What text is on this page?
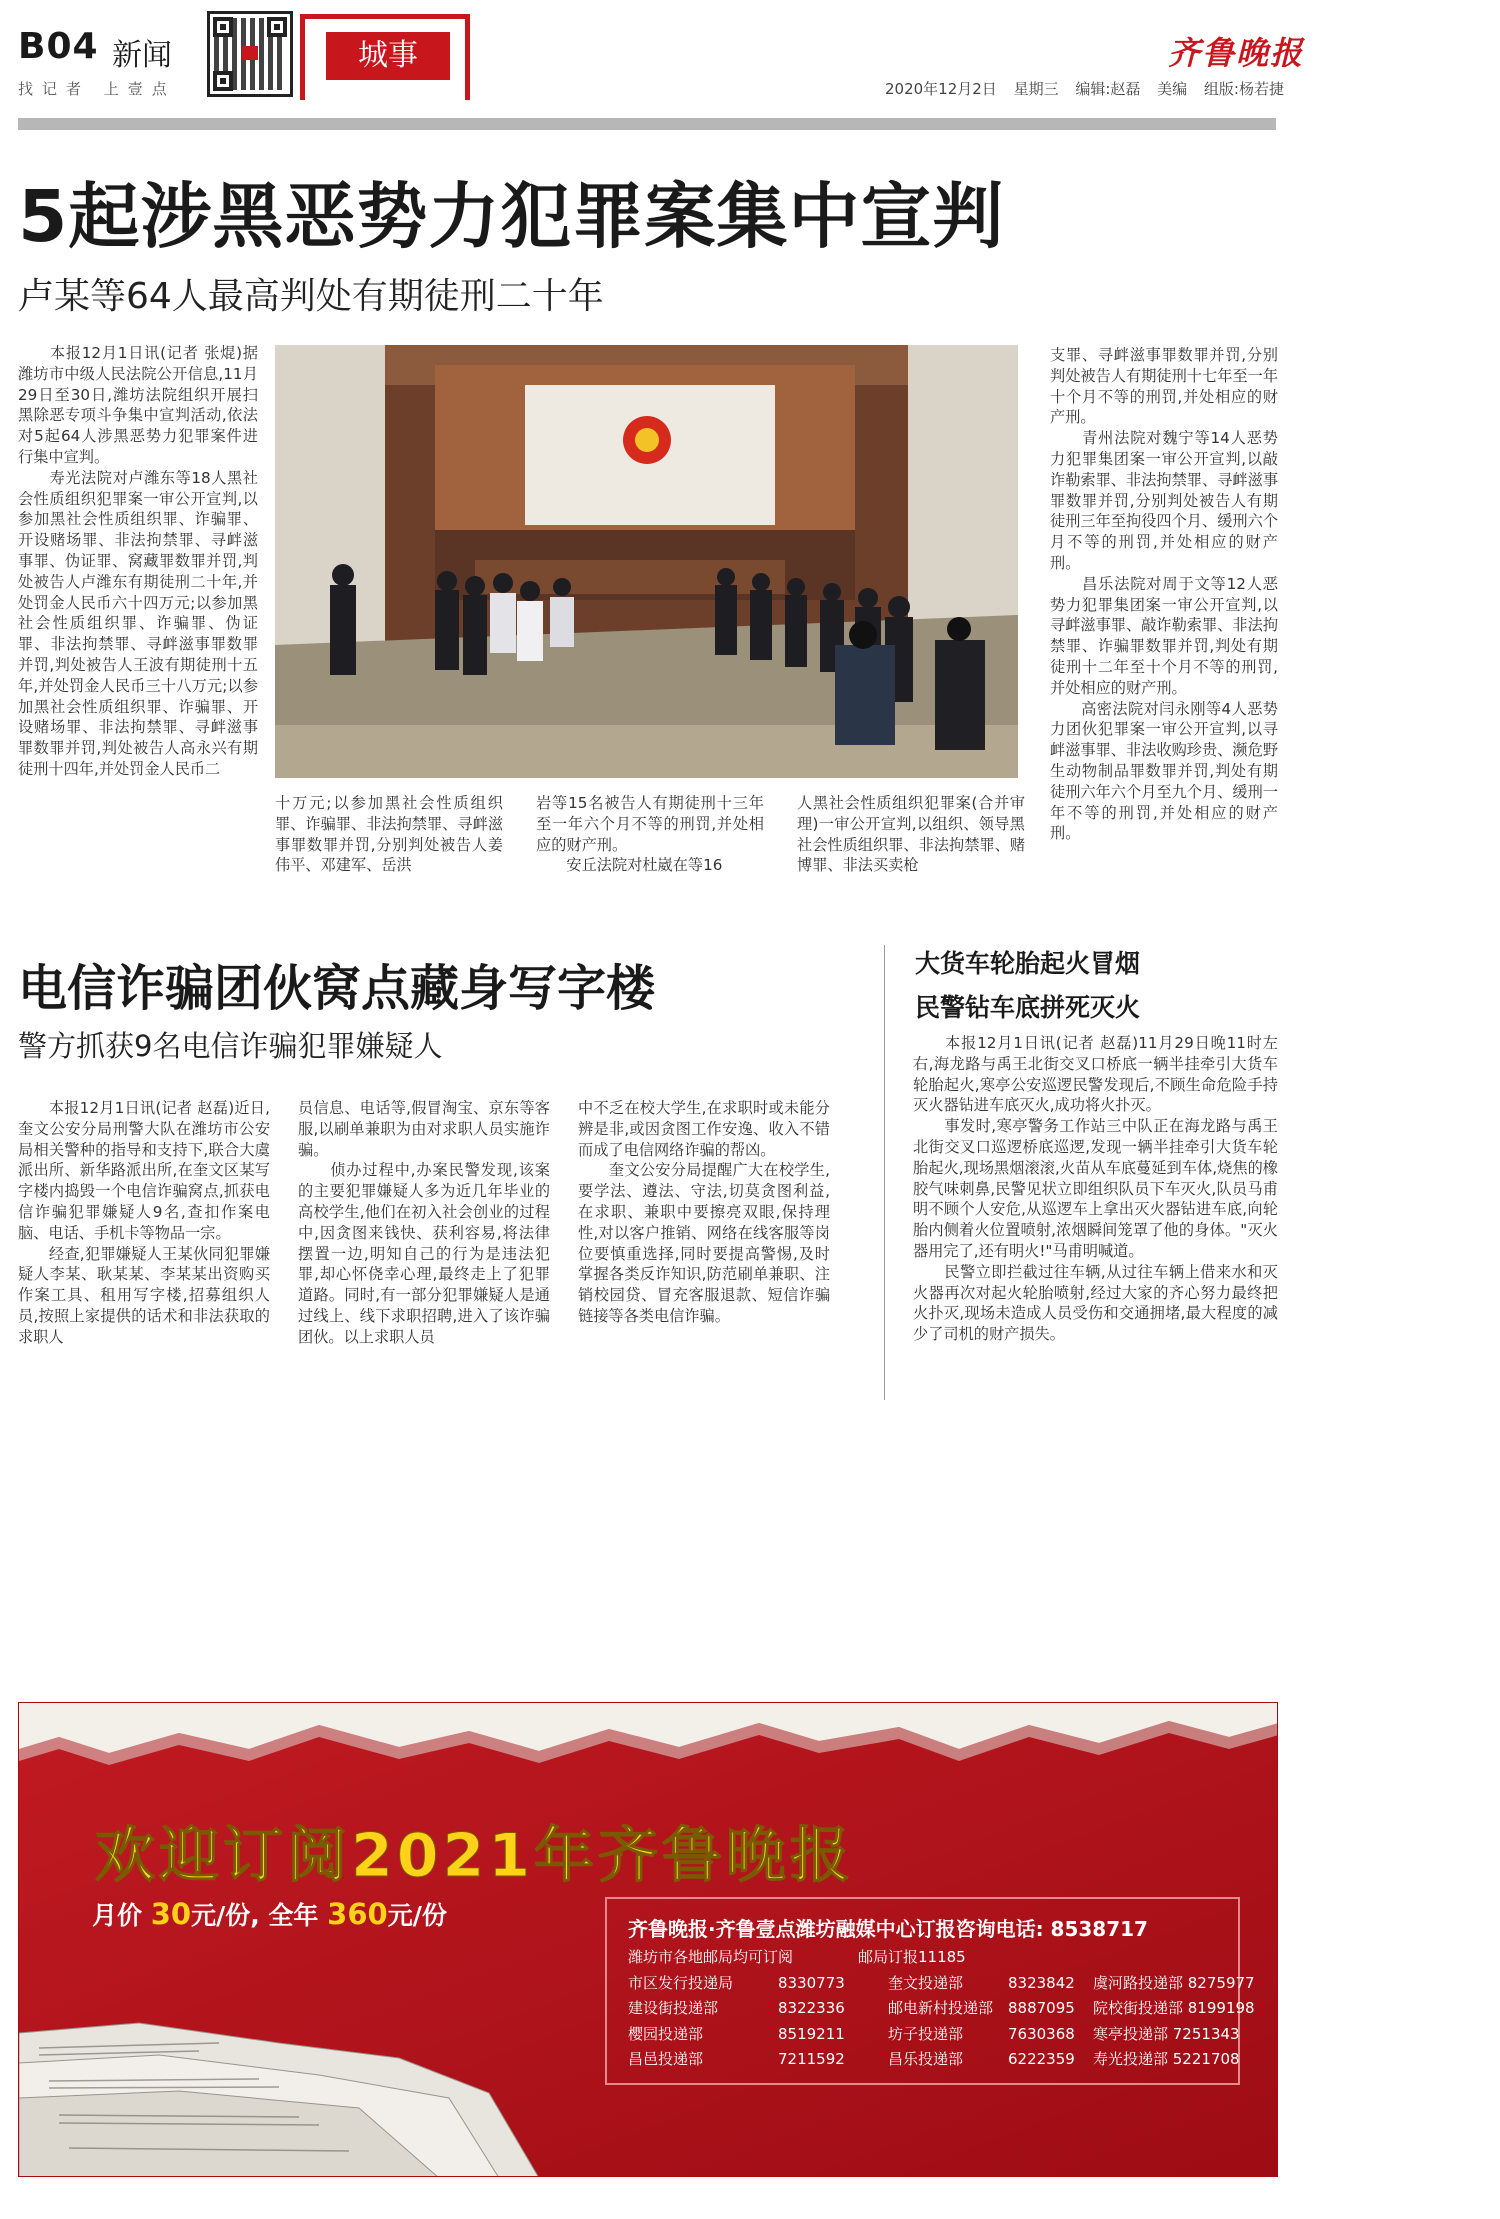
B04 新闻
找记者 上壹点
城事	齐鲁晚报
2020年12月2日 星期三 编辑:赵磊 美编 组版:杨若捷
5起涉黑恶势力犯罪案集中宣判
卢某等64人最高判处有期徒刑二十年
　　本报12月1日讯(记者 张焜)据潍坊市中级人民法院公开信息,11月29日至30日,潍坊法院组织开展扫黑除恶专项斗争集中宣判活动,依法对5起64人涉黑恶势力犯罪案件进行集中宣判。
　　寿光法院对卢潍东等18人黑社会性质组织犯罪案一审公开宣判,以参加黑社会性质组织罪、诈骗罪、开设赌场罪、非法拘禁罪、寻衅滋事罪、伪证罪、窝藏罪数罪并罚,判处被告人卢潍东有期徒刑二十年,并处罚金人民币六十四万元;以参加黑社会性质组织罪、诈骗罪、伪证罪、非法拘禁罪、寻衅滋事罪数罪并罚,判处被告人王波有期徒刑十五年,并处罚金人民币三十八万元;以参加黑社会性质组织罪、诈骗罪、开设赌场罪、非法拘禁罪、寻衅滋事罪数罪并罚,判处被告人高永兴有期徒刑十四年,并处罚金人民币二
十万元;以参加黑社会性质组织罪、诈骗罪、非法拘禁罪、寻衅滋事罪数罪并罚,分别判处被告人姜伟平、邓建军、岳洪
岩等15名被告人有期徒刑十三年至一年六个月不等的刑罚,并处相应的财产刑。
　　安丘法院对杜崴在等16
人黑社会性质组织犯罪案(合并审理)一审公开宣判,以组织、领导黑社会性质组织罪、非法拘禁罪、赌博罪、非法买卖枪
支罪、寻衅滋事罪数罪并罚,分别判处被告人有期徒刑十七年至一年十个月不等的刑罚,并处相应的财产刑。
　　青州法院对魏宁等14人恶势力犯罪集团案一审公开宣判,以敲诈勒索罪、非法拘禁罪、寻衅滋事罪数罪并罚,分别判处被告人有期徒刑三年至拘役四个月、缓刑六个月不等的刑罚,并处相应的财产刑。
　　昌乐法院对周于文等12人恶势力犯罪集团案一审公开宣判,以寻衅滋事罪、敲诈勒索罪、非法拘禁罪、诈骗罪数罪并罚,判处有期徒刑十二年至十个月不等的刑罚,并处相应的财产刑。
　　高密法院对闫永刚等4人恶势力团伙犯罪案一审公开宣判,以寻衅滋事罪、非法收购珍贵、濒危野生动物制品罪数罪并罚,判处有期徒刑六年六个月至九个月、缓刑一年不等的刑罚,并处相应的财产刑。
电信诈骗团伙窝点藏身写字楼
警方抓获9名电信诈骗犯罪嫌疑人
　　本报12月1日讯(记者 赵磊)近日,奎文公安分局刑警大队在潍坊市公安局相关警种的指导和支持下,联合大虞派出所、新华路派出所,在奎文区某写字楼内捣毁一个电信诈骗窝点,抓获电信诈骗犯罪嫌疑人9名,查扣作案电脑、电话、手机卡等物品一宗。
　　经查,犯罪嫌疑人王某伙同犯罪嫌疑人李某、耿某某、李某某出资购买作案工具、租用写字楼,招募组织人员,按照上家提供的话术和非法获取的求职人
员信息、电话等,假冒淘宝、京东等客服,以刷单兼职为由对求职人员实施诈骗。
　　侦办过程中,办案民警发现,该案的主要犯罪嫌疑人多为近几年毕业的高校学生,他们在初入社会创业的过程中,因贪图来钱快、获利容易,将法律摆置一边,明知自己的行为是违法犯罪,却心怀侥幸心理,最终走上了犯罪道路。同时,有一部分犯罪嫌疑人是通过线上、线下求职招聘,进入了该诈骗团伙。以上求职人员
中不乏在校大学生,在求职时或未能分辨是非,或因贪图工作安逸、收入不错而成了电信网络诈骗的帮凶。
　　奎文公安分局提醒广大在校学生,要学法、遵法、守法,切莫贪图利益,在求职、兼职中要擦亮双眼,保持理性,对以客户推销、网络在线客服等岗位要慎重选择,同时要提高警惕,及时掌握各类反诈知识,防范刷单兼职、注销校园贷、冒充客服退款、短信诈骗链接等各类电信诈骗。
大货车轮胎起火冒烟
民警钻车底拼死灭火
　　本报12月1日讯(记者 赵磊)11月29日晚11时左右,海龙路与禹王北街交叉口桥底一辆半挂牵引大货车轮胎起火,寒亭公安巡逻民警发现后,不顾生命危险手持灭火器钻进车底灭火,成功将火扑灭。
　　事发时,寒亭警务工作站三中队正在海龙路与禹王北街交叉口巡逻桥底巡逻,发现一辆半挂牵引大货车轮胎起火,现场黑烟滚滚,火苗从车底蔓延到车体,烧焦的橡胶气味刺鼻,民警见状立即组织队员下车灭火,队员马甫明不顾个人安危,从巡逻车上拿出灭火器钻进车底,向轮胎内侧着火位置喷射,浓烟瞬间笼罩了他的身体。"灭火器用完了,还有明火!"马甫明喊道。
　　民警立即拦截过往车辆,从过往车辆上借来水和灭火器再次对起火轮胎喷射,经过大家的齐心努力最终把火扑灭,现场未造成人员受伤和交通拥堵,最大程度的减少了司机的财产损失。
欢迎订阅2021年齐鲁晚报
月价 30元/份, 全年 360元/份	齐鲁晚报·齐鲁壹点潍坊融媒中心订报咨询电话: 8538717
潍坊市各地邮局均可订阅	邮局订报11185
市区发行投递局	8330773	奎文投递部	8323842	虞河路投递部 8275977
建设街投递部	8322336	邮电新村投递部 8887095	院校街投递部 8199198
樱园投递部	8519211	坊子投递部	7630368	寒亭投递部 7251343
昌邑投递部	7211592	昌乐投递部	6222359	寿光投递部 5221708
